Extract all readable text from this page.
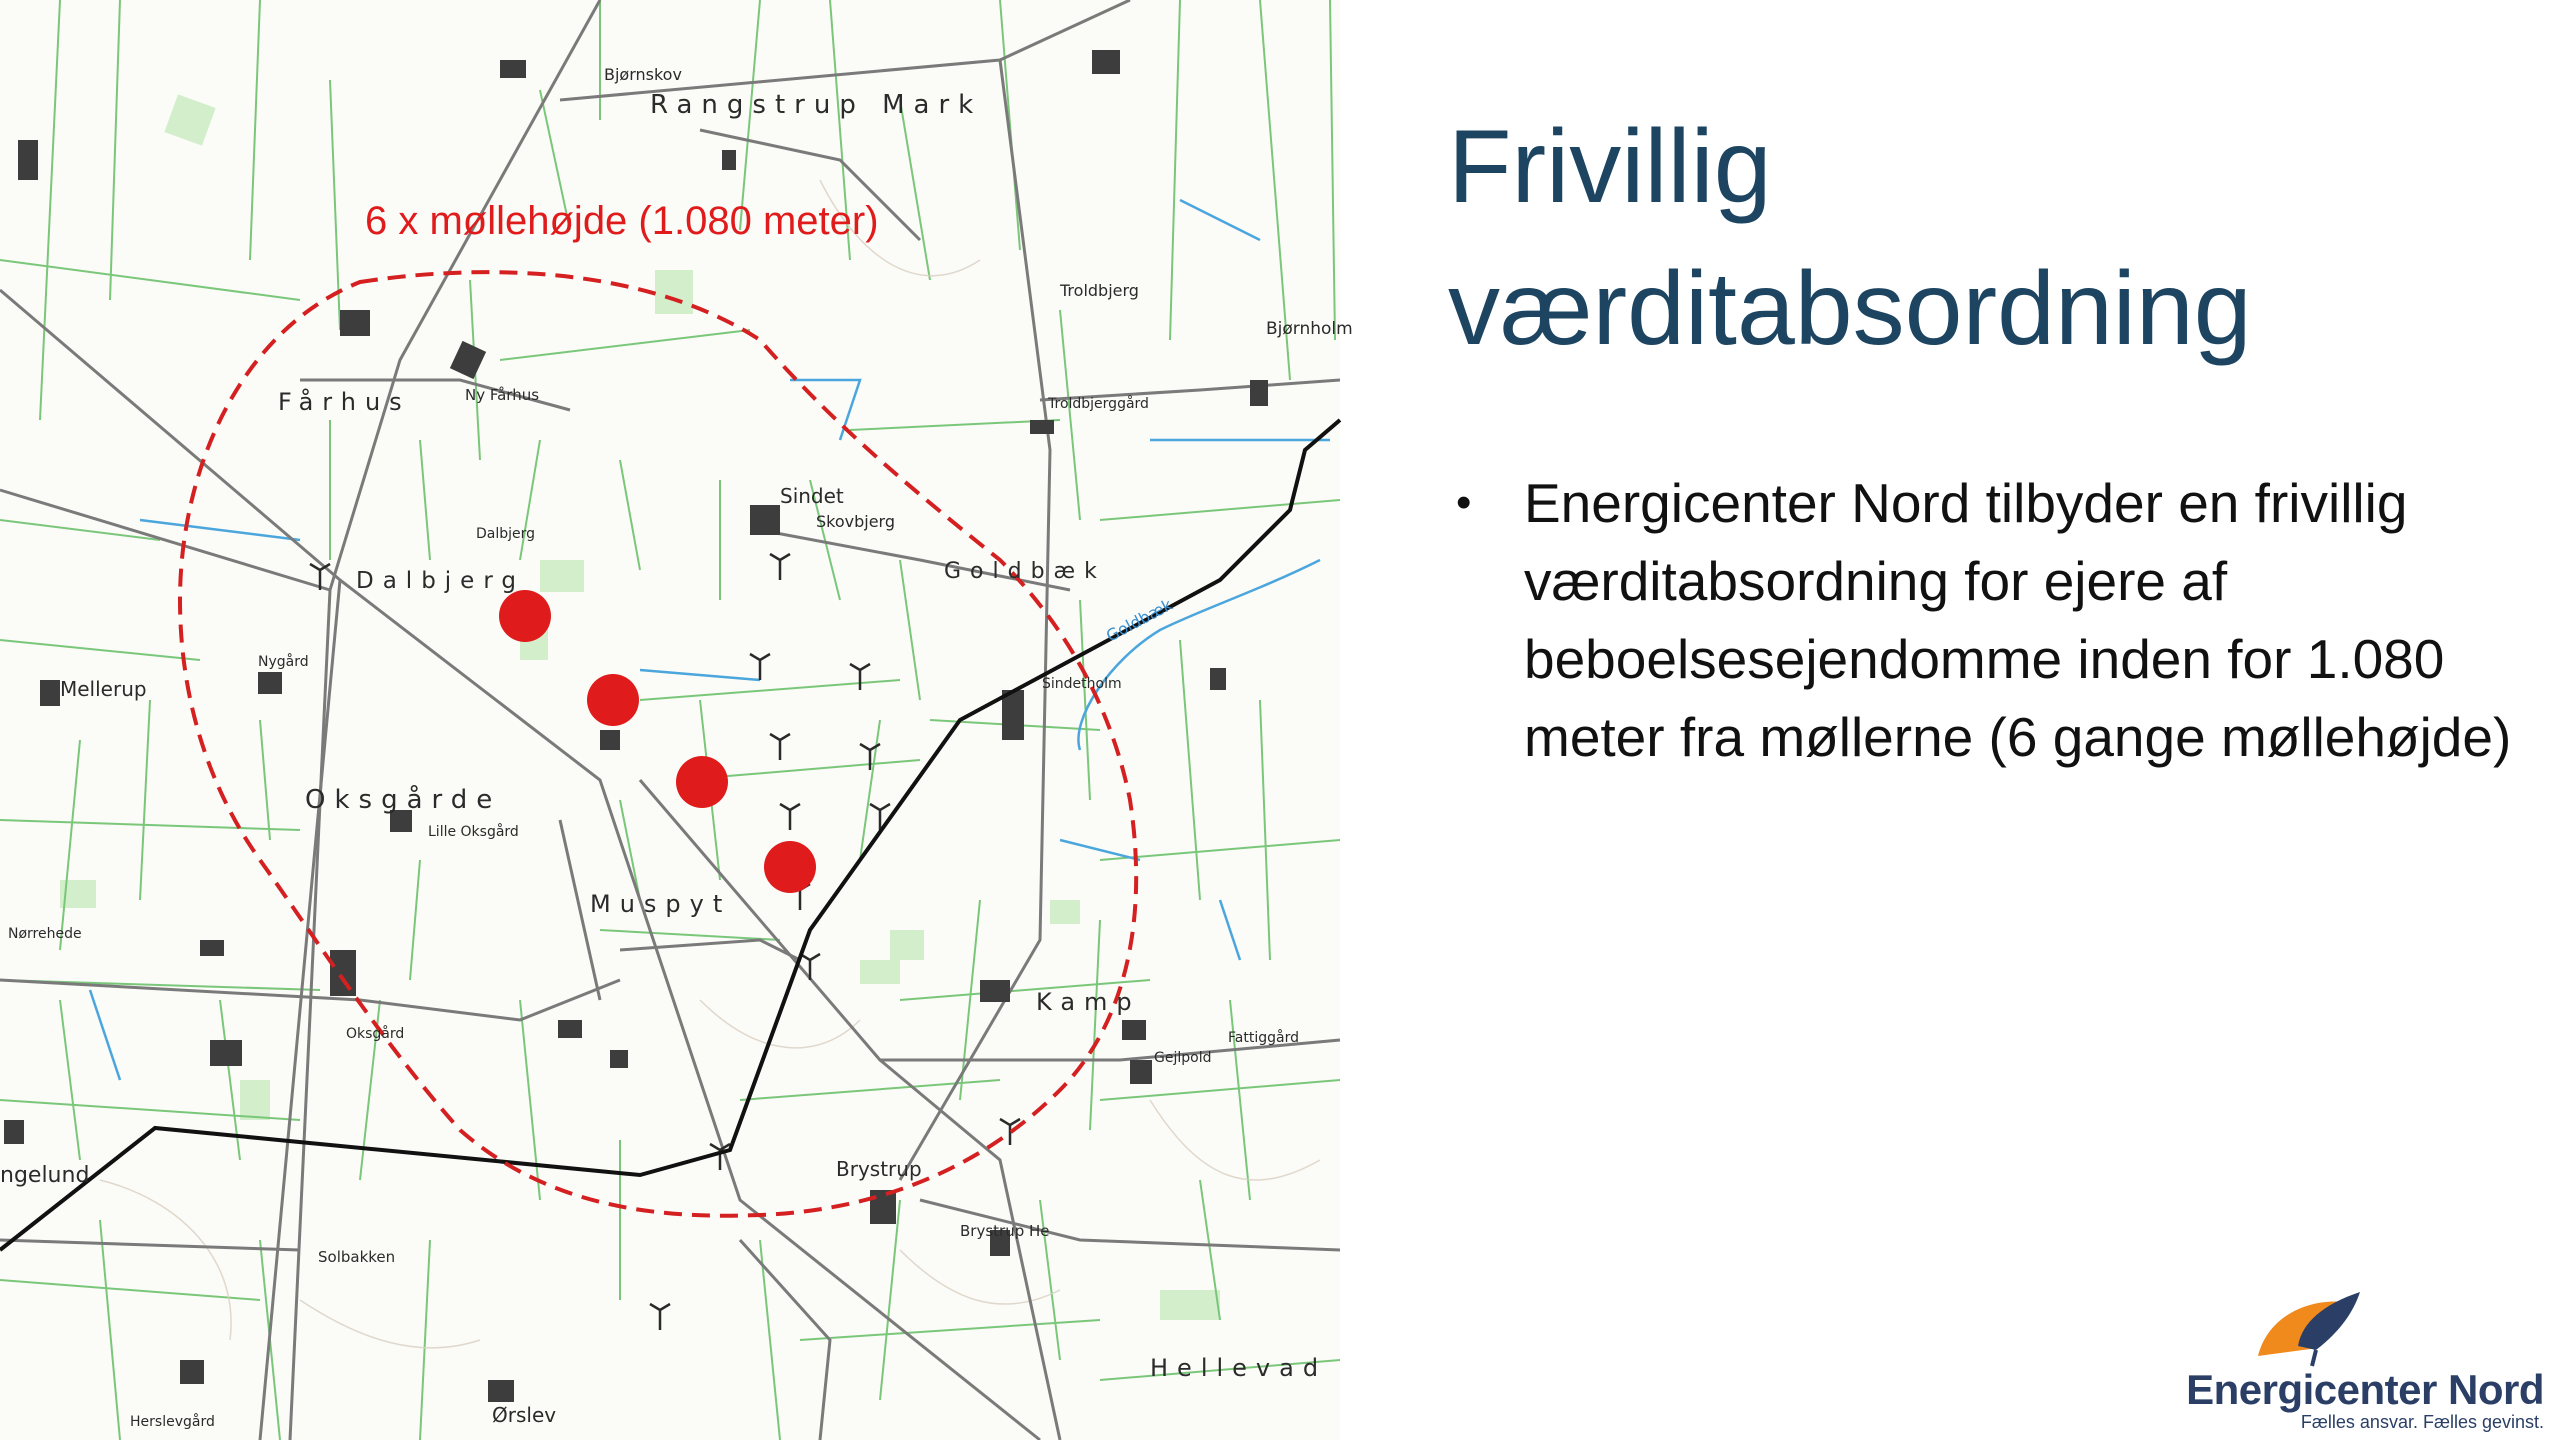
6 x møllehøjde (1.080 meter)
Rangstrup Mark
Bjørnskov
Fårhus	Ny Fårhus
Troldbjerg
Troldbjerggård
Bjørnholm
Sindet
Skovbjerg
Goldbæk
Goldbæk
Dalbjerg
Dalbjerg
Nygård
Mellerup	Sindetholm
Oksgårde
Lille Oksgård
Muspyt
Nørrehede
Oksgård
Kamp
Gejlpold
Fattiggård
ngelund	Brystrup
Brystrup He
Solbakken
Hellevad
Ørslev
Herslevgård
Frivillig
værditabsordning
• Energicenter Nord tilbyder en frivillig værditabsordning for ejere af beboelsesejendomme inden for 1.080 meter fra møllerne (6 gange møllehøjde)
Energicenter Nord
Fælles ansvar. Fælles gevinst.
